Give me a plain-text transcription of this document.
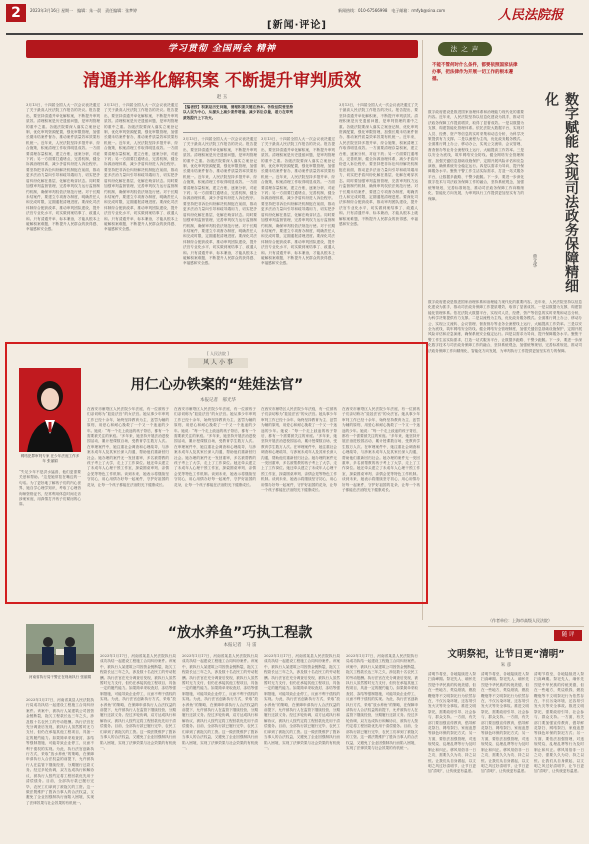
2	2023年3月16日 星期一　编辑：朱一晨　责任编辑：张梦婷	新闻热线：010-67566998　电子邮箱：rmfyb@sina.com
[新闻·评论]
人民法院报
学习贯彻 全国两会 精神
清通并举化解积案 不断提升审判质效
赵 玉
【编者按】积案是历史问题，清理积案关键在治本。各级法院要坚持以人民为中心，从源头上减少案件增量、减少诉讼存量，着力在审判质效提升上下功夫。
3月13日，十四届全国人大一次会议表决通过了关于最高人民法院工作报告的决议。报告提出，要坚持清通并举化解积案，不断提升审判质效。清理积案是历史遗留问题，是审判管理的重中之重。各级法院要深入落实立案登记制，优化审判资源配置，强化审限管理，加强长期未结案件督办，推动案件质量效率效果有机统一。近年来，人民法院坚持多措并举、综合施策，积案清理工作取得明显成效。一方面要清理存量积案，建立台账，逐案分析，对症下药；另一方面要打通堵点，完善机制，健全诉源治理体系，减少矛盾纠纷进入诉讼程序。要坚持把非诉讼纠纷解决机制挺在前面，推动更多法治力量向引导和疏导端用力，切实把矛盾纠纷化解在基层、化解在萌芽状态。同时要加强审判监督管理，完善审判权力运行监督制约机制，确保审判权依法规范行使。对于长期未结案件，要建立专项督办制度，明确责任人和完成时限，定期通报清理进度。要深化司法体制综合配套改革，推动审判团队建设，提升法官专业化水平，切实做到案结事了、政通人和。只有清通并举、标本兼治，才能从根本上破解积案难题，不断提升人民群众的获得感、幸福感和安全感。
3月13日，十四届全国人大一次会议表决通过了关于最高人民法院工作报告的决议。报告提出，要坚持清通并举化解积案，不断提升审判质效。清理积案是历史遗留问题，是审判管理的重中之重。各级法院要深入落实立案登记制，优化审判资源配置，强化审限管理，加强长期未结案件督办，推动案件质量效率效果有机统一。近年来，人民法院坚持多措并举、综合施策，积案清理工作取得明显成效。一方面要清理存量积案，建立台账，逐案分析，对症下药；另一方面要打通堵点，完善机制，健全诉源治理体系，减少矛盾纠纷进入诉讼程序。要坚持把非诉讼纠纷解决机制挺在前面，推动更多法治力量向引导和疏导端用力，切实把矛盾纠纷化解在基层、化解在萌芽状态。同时要加强审判监督管理，完善审判权力运行监督制约机制，确保审判权依法规范行使。对于长期未结案件，要建立专项督办制度，明确责任人和完成时限，定期通报清理进度。要深化司法体制综合配套改革，推动审判团队建设，提升法官专业化水平，切实做到案结事了、政通人和。只有清通并举、标本兼治，才能从根本上破解积案难题，不断提升人民群众的获得感、幸福感和安全感。
3月13日，十四届全国人大一次会议表决通过了关于最高人民法院工作报告的决议。报告提出，要坚持清通并举化解积案，不断提升审判质效。清理积案是历史遗留问题，是审判管理的重中之重。各级法院要深入落实立案登记制，优化审判资源配置，强化审限管理，加强长期未结案件督办，推动案件质量效率效果有机统一。近年来，人民法院坚持多措并举、综合施策，积案清理工作取得明显成效。一方面要清理存量积案，建立台账，逐案分析，对症下药；另一方面要打通堵点，完善机制，健全诉源治理体系，减少矛盾纠纷进入诉讼程序。要坚持把非诉讼纠纷解决机制挺在前面，推动更多法治力量向引导和疏导端用力，切实把矛盾纠纷化解在基层、化解在萌芽状态。同时要加强审判监督管理，完善审判权力运行监督制约机制，确保审判权依法规范行使。对于长期未结案件，要建立专项督办制度，明确责任人和完成时限，定期通报清理进度。要深化司法体制综合配套改革，推动审判团队建设，提升法官专业化水平，切实做到案结事了、政通人和。只有清通并举、标本兼治，才能从根本上破解积案难题，不断提升人民群众的获得感、幸福感和安全感。
3月13日，十四届全国人大一次会议表决通过了关于最高人民法院工作报告的决议。报告提出，要坚持清通并举化解积案，不断提升审判质效。清理积案是历史遗留问题，是审判管理的重中之重。各级法院要深入落实立案登记制，优化审判资源配置，强化审限管理，加强长期未结案件督办，推动案件质量效率效果有机统一。近年来，人民法院坚持多措并举、综合施策，积案清理工作取得明显成效。一方面要清理存量积案，建立台账，逐案分析，对症下药；另一方面要打通堵点，完善机制，健全诉源治理体系，减少矛盾纠纷进入诉讼程序。要坚持把非诉讼纠纷解决机制挺在前面，推动更多法治力量向引导和疏导端用力，切实把矛盾纠纷化解在基层、化解在萌芽状态。同时要加强审判监督管理，完善审判权力运行监督制约机制，确保审判权依法规范行使。对于长期未结案件，要建立专项督办制度，明确责任人和完成时限，定期通报清理进度。要深化司法体制综合配套改革，推动审判团队建设，提升法官专业化水平，切实做到案结事了、政通人和。只有清通并举、标本兼治，才能从根本上破解积案难题，不断提升人民群众的获得感、幸福感和安全感。
3月13日，十四届全国人大一次会议表决通过了关于最高人民法院工作报告的决议。报告提出，要坚持清通并举化解积案，不断提升审判质效。清理积案是历史遗留问题，是审判管理的重中之重。各级法院要深入落实立案登记制，优化审判资源配置，强化审限管理，加强长期未结案件督办，推动案件质量效率效果有机统一。近年来，人民法院坚持多措并举、综合施策，积案清理工作取得明显成效。一方面要清理存量积案，建立台账，逐案分析，对症下药；另一方面要打通堵点，完善机制，健全诉源治理体系，减少矛盾纠纷进入诉讼程序。要坚持把非诉讼纠纷解决机制挺在前面，推动更多法治力量向引导和疏导端用力，切实把矛盾纠纷化解在基层、化解在萌芽状态。同时要加强审判监督管理，完善审判权力运行监督制约机制，确保审判权依法规范行使。对于长期未结案件，要建立专项督办制度，明确责任人和完成时限，定期通报清理进度。要深化司法体制综合配套改革，推动审判团队建设，提升法官专业化水平，切实做到案结事了、政通人和。只有清通并举、标本兼治，才能从根本上破解积案难题，不断提升人民群众的获得感、幸福感和安全感。
[ 人民法院 ]
风 人 小 事
用仁心办铁案的“娃娃法官”
本报记者　郝光华
网络犯罪审判专家 在少年法庭工作多年 张丽娟
“失足少年不是洪水猛兽，他们更需要关爱和帮助。”这是她常挂在嘴边的一句话。为了更好地了解孩子们的内心世界，她自学心理学知识，考取了心理咨询师资格证书，经常利用休息时间走访涉案家庭，用真情打开孩子们紧闭的心扉。
在西安市雁塔区人民法院少年法庭，有一位被孩子们亲切称为“娃娃法官”的女法官。她从事少年审判工作已经十余年，始终坚持教育为主、惩罚为辅的原则，用爱心和耐心挽救了一个又一个迷途的少年。她说：“每一个走上歧途的孩子背后，都有一个需要被关注的家庭。”多年来，她坚持开展法治进校园活动，累计授课数百场，受教育学生数万人次。在审理案件中，她注重社会调查和心理疏导，与涉案未成年人及其家长深入沟通，帮助他们重新回归社会。她办理的案件无一发回重审，多名被帮教的孩子考上了大学，走上了工作岗位。她还牵头建立了未成年人心理干预工作室，探索圆桌审判、亲情会见等特色工作机制。谈到未来，她表示将继续坚守初心，用心用情办好每一起案件，守护好祖国的花朵，让每一个孩子都能在法治阳光下健康成长。
在西安市雁塔区人民法院少年法庭，有一位被孩子们亲切称为“娃娃法官”的女法官。她从事少年审判工作已经十余年，始终坚持教育为主、惩罚为辅的原则，用爱心和耐心挽救了一个又一个迷途的少年。她说：“每一个走上歧途的孩子背后，都有一个需要被关注的家庭。”多年来，她坚持开展法治进校园活动，累计授课数百场，受教育学生数万人次。在审理案件中，她注重社会调查和心理疏导，与涉案未成年人及其家长深入沟通，帮助他们重新回归社会。她办理的案件无一发回重审，多名被帮教的孩子考上了大学，走上了工作岗位。她还牵头建立了未成年人心理干预工作室，探索圆桌审判、亲情会见等特色工作机制。谈到未来，她表示将继续坚守初心，用心用情办好每一起案件，守护好祖国的花朵，让每一个孩子都能在法治阳光下健康成长。
在西安市雁塔区人民法院少年法庭，有一位被孩子们亲切称为“娃娃法官”的女法官。她从事少年审判工作已经十余年，始终坚持教育为主、惩罚为辅的原则，用爱心和耐心挽救了一个又一个迷途的少年。她说：“每一个走上歧途的孩子背后，都有一个需要被关注的家庭。”多年来，她坚持开展法治进校园活动，累计授课数百场，受教育学生数万人次。在审理案件中，她注重社会调查和心理疏导，与涉案未成年人及其家长深入沟通，帮助他们重新回归社会。她办理的案件无一发回重审，多名被帮教的孩子考上了大学，走上了工作岗位。她还牵头建立了未成年人心理干预工作室，探索圆桌审判、亲情会见等特色工作机制。谈到未来，她表示将继续坚守初心，用心用情办好每一起案件，守护好祖国的花朵，让每一个孩子都能在法治阳光下健康成长。
在西安市雁塔区人民法院少年法庭，有一位被孩子们亲切称为“娃娃法官”的女法官。她从事少年审判工作已经十余年，始终坚持教育为主、惩罚为辅的原则，用爱心和耐心挽救了一个又一个迷途的少年。她说：“每一个走上歧途的孩子背后，都有一个需要被关注的家庭。”多年来，她坚持开展法治进校园活动，累计授课数百场，受教育学生数万人次。在审理案件中，她注重社会调查和心理疏导，与涉案未成年人及其家长深入沟通，帮助他们重新回归社会。她办理的案件无一发回重审，多名被帮教的孩子考上了大学，走上了工作岗位。她还牵头建立了未成年人心理干预工作室，探索圆桌审判、亲情会见等特色工作机制。谈到未来，她表示将继续坚守初心，用心用情办好每一起案件，守护好祖国的花朵，让每一个孩子都能在法治阳光下健康成长。
“放水养鱼”巧执工程款
本报记者　马 雷
河南省执行局干警正在现场执行 张丽娟
2023年1月17日，河南省某县人民法院执行局成功执结一起建设工程施工合同纠纷案件。该案中，被执行人某建筑公司因资金链断裂，拖欠工程款长达三年之久，涉及数十名农民工的劳动报酬。执行法官在充分调查后发现，被执行人虽然暂时无力支付，但仍在承接其他工程项目，具备一定的履约能力。如果简单采取查封、冻结等强制措施，可能导致企业停工，反而不利于债权的实现。为此，执行法官创新执行方式，采取“放水养鱼”的策略，在保障申请执行人合法权益的前提下，允许被执行人在监管下继续经营，分期履行还款义务。经过多轮协调，双方达成执行和解协议，被执行人按约定将工程回款优先用于清偿债务。目前，全部执行款已履行完毕，农民工们拿到了被拖欠的工资。这一做法既维护了胜诉当事人的合法权益，又避免了企业因强制执行而陷入困境，实现了法律效果与社会效果的有机统一。
2023年1月17日，河南省某县人民法院执行局成功执结一起建设工程施工合同纠纷案件。该案中，被执行人某建筑公司因资金链断裂，拖欠工程款长达三年之久，涉及数十名农民工的劳动报酬。执行法官在充分调查后发现，被执行人虽然暂时无力支付，但仍在承接其他工程项目，具备一定的履约能力。如果简单采取查封、冻结等强制措施，可能导致企业停工，反而不利于债权的实现。为此，执行法官创新执行方式，采取“放水养鱼”的策略，在保障申请执行人合法权益的前提下，允许被执行人在监管下继续经营，分期履行还款义务。经过多轮协调，双方达成执行和解协议，被执行人按约定将工程回款优先用于清偿债务。目前，全部执行款已履行完毕，农民工们拿到了被拖欠的工资。这一做法既维护了胜诉当事人的合法权益，又避免了企业因强制执行而陷入困境，实现了法律效果与社会效果的有机统一。
2023年1月17日，河南省某县人民法院执行局成功执结一起建设工程施工合同纠纷案件。该案中，被执行人某建筑公司因资金链断裂，拖欠工程款长达三年之久，涉及数十名农民工的劳动报酬。执行法官在充分调查后发现，被执行人虽然暂时无力支付，但仍在承接其他工程项目，具备一定的履约能力。如果简单采取查封、冻结等强制措施，可能导致企业停工，反而不利于债权的实现。为此，执行法官创新执行方式，采取“放水养鱼”的策略，在保障申请执行人合法权益的前提下，允许被执行人在监管下继续经营，分期履行还款义务。经过多轮协调，双方达成执行和解协议，被执行人按约定将工程回款优先用于清偿债务。目前，全部执行款已履行完毕，农民工们拿到了被拖欠的工资。这一做法既维护了胜诉当事人的合法权益，又避免了企业因强制执行而陷入困境，实现了法律效果与社会效果的有机统一。
2023年1月17日，河南省某县人民法院执行局成功执结一起建设工程施工合同纠纷案件。该案中，被执行人某建筑公司因资金链断裂，拖欠工程款长达三年之久，涉及数十名农民工的劳动报酬。执行法官在充分调查后发现，被执行人虽然暂时无力支付，但仍在承接其他工程项目，具备一定的履约能力。如果简单采取查封、冻结等强制措施，可能导致企业停工，反而不利于债权的实现。为此，执行法官创新执行方式，采取“放水养鱼”的策略，在保障申请执行人合法权益的前提下，允许被执行人在监管下继续经营，分期履行还款义务。经过多轮协调，双方达成执行和解协议，被执行人按约定将工程回款优先用于清偿债务。目前，全部执行款已履行完毕，农民工们拿到了被拖欠的工资。这一做法既维护了胜诉当事人的合法权益，又避免了企业因强制执行而陷入困境，实现了法律效果与社会效果的有机统一。
2023年1月17日，河南省某县人民法院执行局成功执结一起建设工程施工合同纠纷案件。该案中，被执行人某建筑公司因资金链断裂，拖欠工程款长达三年之久，涉及数十名农民工的劳动报酬。执行法官在充分调查后发现，被执行人虽然暂时无力支付，但仍在承接其他工程项目，具备一定的履约能力。如果简单采取查封、冻结等强制措施，可能导致企业停工，反而不利于债权的实现。为此，执行法官创新执行方式，采取“放水养鱼”的策略，在保障申请执行人合法权益的前提下，允许被执行人在监管下继续经营，分期履行还款义务。经过多轮协调，双方达成执行和解协议，被执行人按约定将工程回款优先用于清偿债务。目前，全部执行款已履行完毕，农民工们拿到了被拖欠的工资。这一做法既维护了胜诉当事人的合法权益，又避免了企业因强制执行而陷入困境，实现了法律效果与社会效果的有机统一。
法 之 声
不能不管何时什么条件，都要依照国家法律办事，把法律作为开展一切工作的根本遵循。
数字赋能 实现司法政务保障精细化
曾文华
数字政府建设是推进国家治理体系和治理能力现代化的重要内容。近年来，人民法院坚持以信息化建设为抓手，推动司法政务保障工作提质增效，取得了显著成效。一是以数据为支撑，构建智能化管理体系。依托法院大数据平台，实现对人员、经费、资产等信息的实时采集和动态分析，为科学决策提供有力支撑。二是以流程为主线，优化政务服务模式。全面推行网上办公、移动办公，实现公文流转、会议管理、督查督办等业务全流程线上运行，大幅提高工作效率。三是以安全为底线，筑牢网络安全防线。健全网络安全管理制度，加强关键信息基础设施保护，定期开展风险评估和应急演练，确保系统安全稳定运行。四是以需求为导向，提升保障服务水平。聚焦干警工作生活实际需求，打造一站式服务平台，让数据多跑路、干警少跑腿。下一步，要进一步深化数字技术与司法政务保障工作的融合，坚持系统观念，加强统筹规划，完善标准规范，推动司法政务保障工作向精细化、智能化方向发展，为审判执行工作提供更加坚实有力的保障。
数字政府建设是推进国家治理体系和治理能力现代化的重要内容。近年来，人民法院坚持以信息化建设为抓手，推动司法政务保障工作提质增效，取得了显著成效。一是以数据为支撑，构建智能化管理体系。依托法院大数据平台，实现对人员、经费、资产等信息的实时采集和动态分析，为科学决策提供有力支撑。二是以流程为主线，优化政务服务模式。全面推行网上办公、移动办公，实现公文流转、会议管理、督查督办等业务全流程线上运行，大幅提高工作效率。三是以安全为底线，筑牢网络安全防线。健全网络安全管理制度，加强关键信息基础设施保护，定期开展风险评估和应急演练，确保系统安全稳定运行。四是以需求为导向，提升保障服务水平。聚焦干警工作生活实际需求，打造一站式服务平台，让数据多跑路、干警少跑腿。下一步，要进一步深化数字技术与司法政务保障工作的融合，坚持系统观念，加强统筹规划，完善标准规范，推动司法政务保障工作向精细化、智能化方向发展，为审判执行工作提供更加坚实有力的保障。
（作者单位：上海市高级人民法院）
随 评
文明祭祀，让节日更“清明”
朱 彦
清明节将至，各地陆续进入祭扫高峰期。祭祀先人、缅怀先烈是中华民族的传统美德，但在一些地方，焚烧纸钱、燃放鞭炮等不文明祭祀行为依然存在，不仅污染环境，还容易引发火灾等安全事故。推进文明祭祀，需要政府引导、社会参与、群众支持。一方面，有关部门要加强宣传教育，倡导鲜花祭扫、网络祭扫、家庭追思等绿色环保的祭祀方式；另一方面，要依法加强管理，对违规焚烧、乱埋乱葬等行为及时制止和纠正。移风易俗非一日之功，需要久久为功、持之以恒。让我们从自身做起，以文明之风过好清明节，让节日更加“清明”，让传统更有温度。
清明节将至，各地陆续进入祭扫高峰期。祭祀先人、缅怀先烈是中华民族的传统美德，但在一些地方，焚烧纸钱、燃放鞭炮等不文明祭祀行为依然存在，不仅污染环境，还容易引发火灾等安全事故。推进文明祭祀，需要政府引导、社会参与、群众支持。一方面，有关部门要加强宣传教育，倡导鲜花祭扫、网络祭扫、家庭追思等绿色环保的祭祀方式；另一方面，要依法加强管理，对违规焚烧、乱埋乱葬等行为及时制止和纠正。移风易俗非一日之功，需要久久为功、持之以恒。让我们从自身做起，以文明之风过好清明节，让节日更加“清明”，让传统更有温度。
清明节将至，各地陆续进入祭扫高峰期。祭祀先人、缅怀先烈是中华民族的传统美德，但在一些地方，焚烧纸钱、燃放鞭炮等不文明祭祀行为依然存在，不仅污染环境，还容易引发火灾等安全事故。推进文明祭祀，需要政府引导、社会参与、群众支持。一方面，有关部门要加强宣传教育，倡导鲜花祭扫、网络祭扫、家庭追思等绿色环保的祭祀方式；另一方面，要依法加强管理，对违规焚烧、乱埋乱葬等行为及时制止和纠正。移风易俗非一日之功，需要久久为功、持之以恒。让我们从自身做起，以文明之风过好清明节，让节日更加“清明”，让传统更有温度。
